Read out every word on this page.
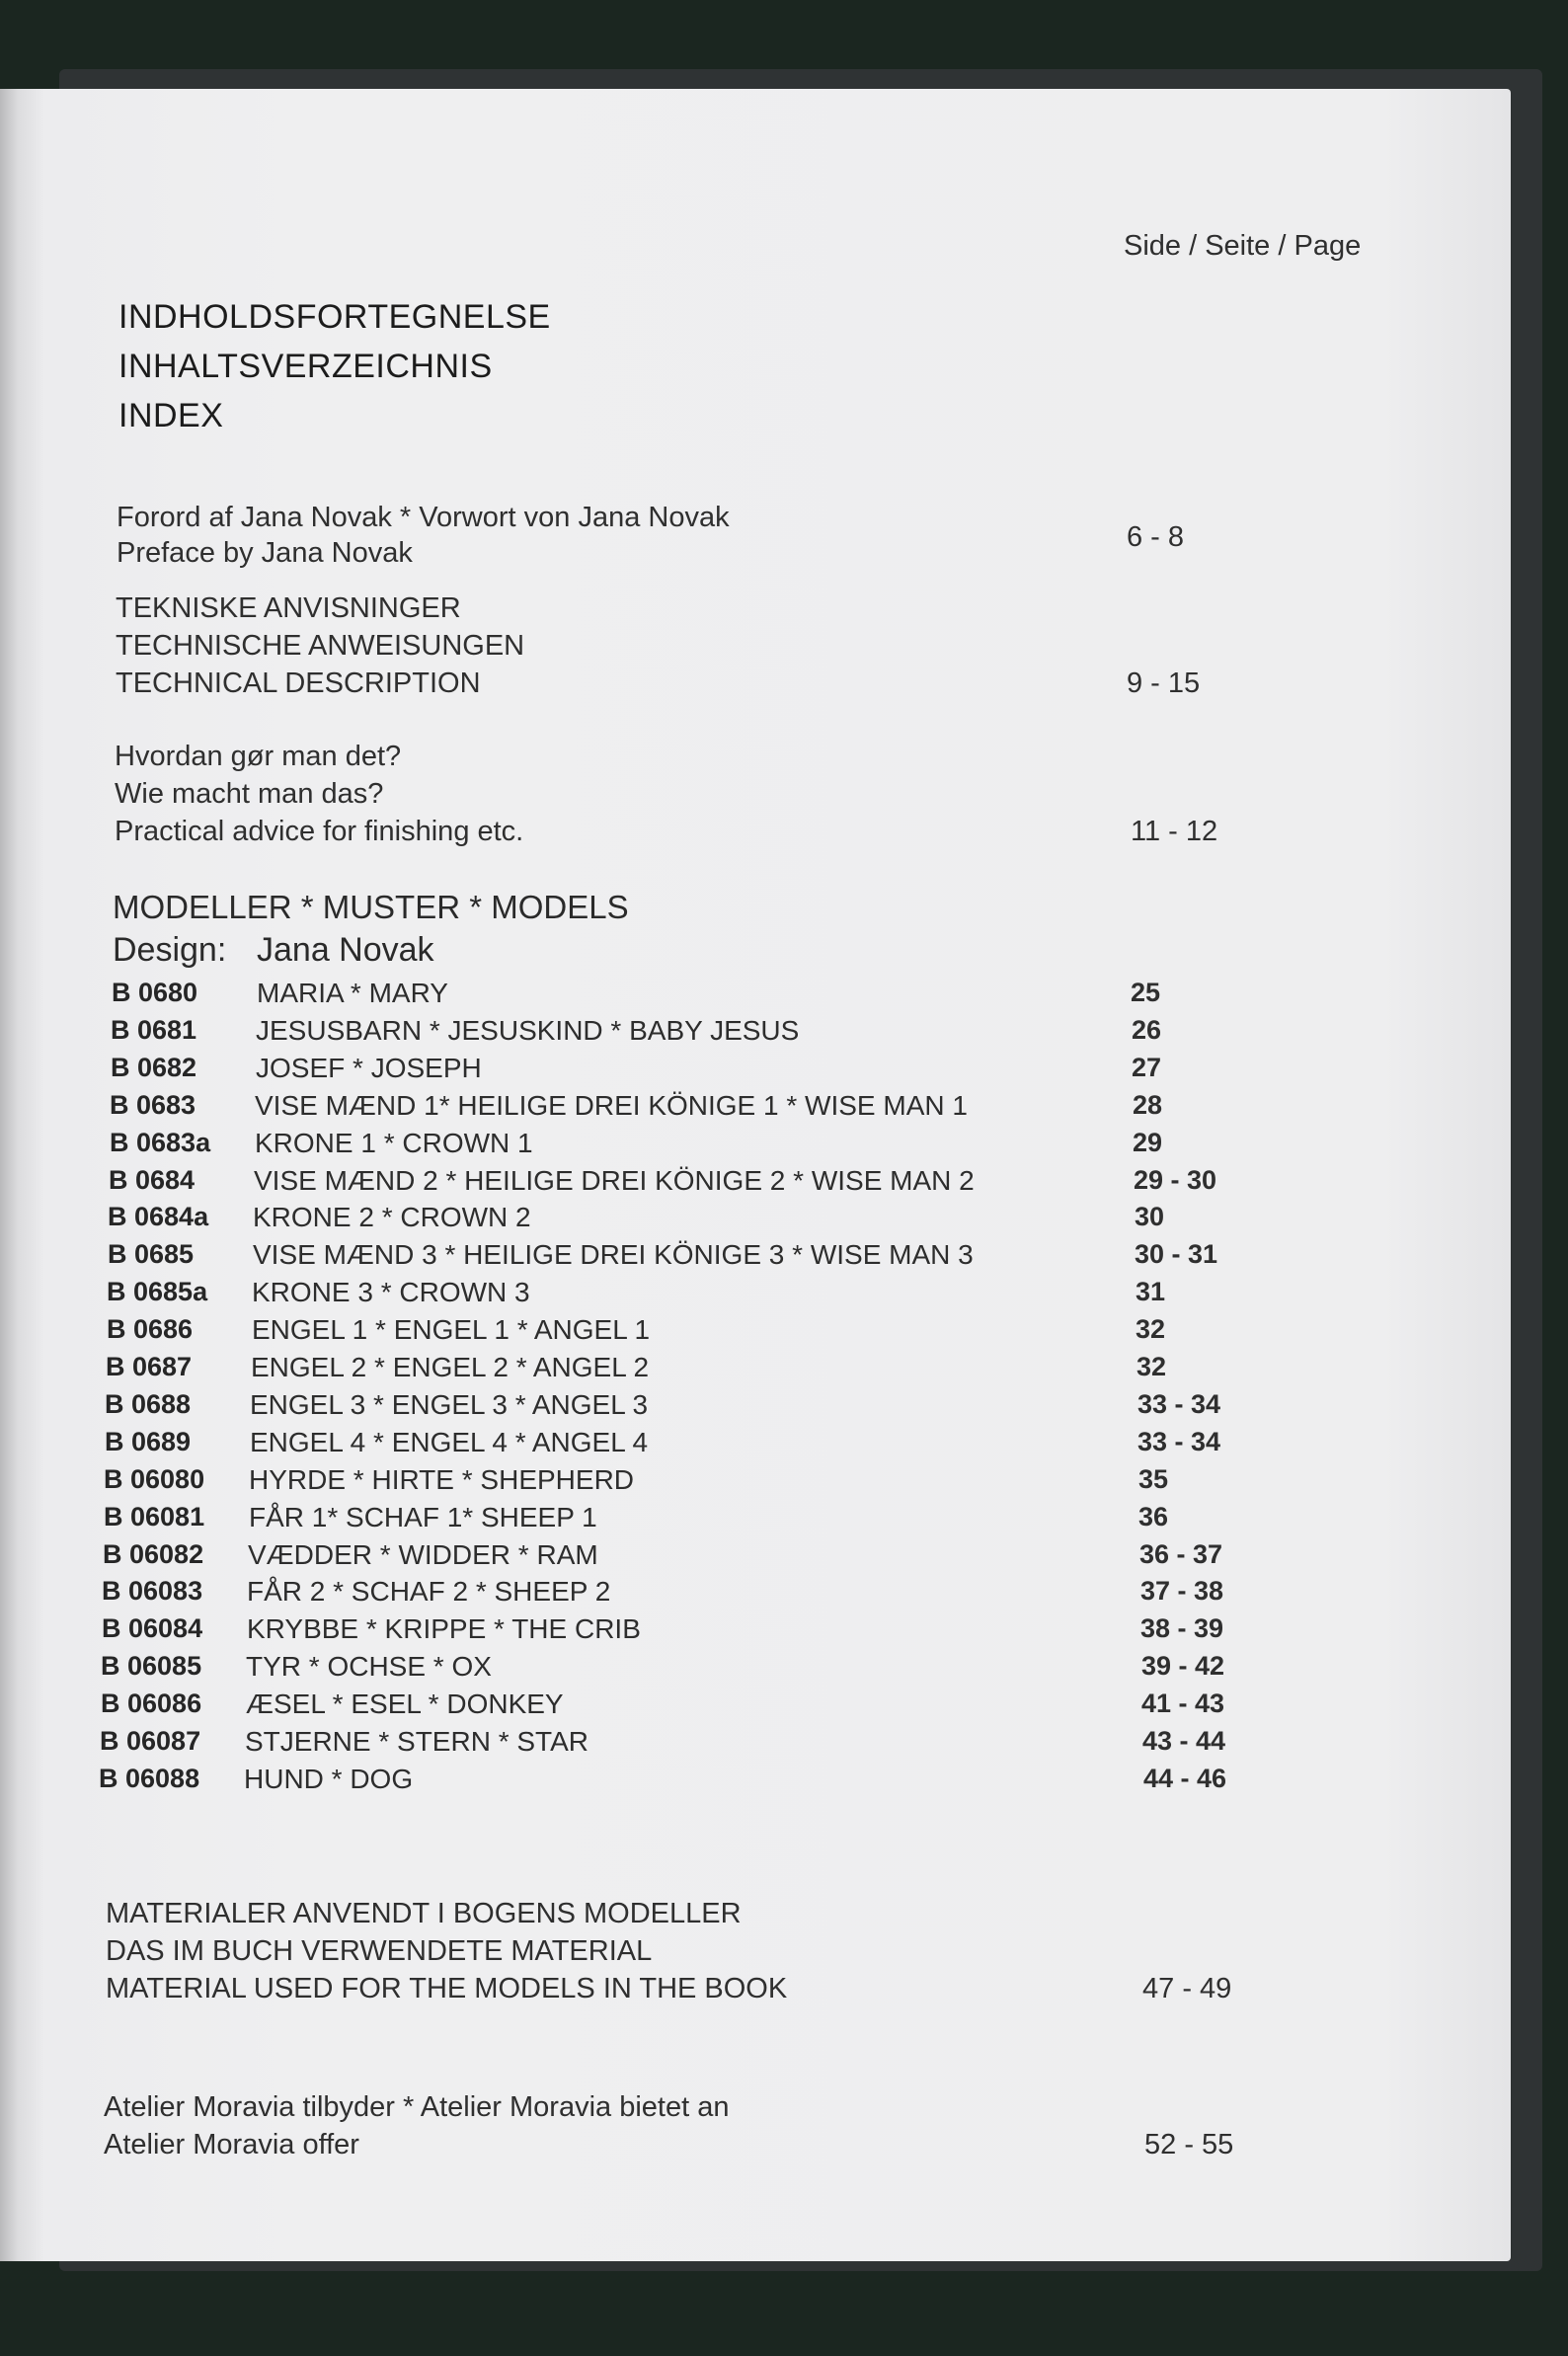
Side / Seite / Page
INDHOLDSFORTEGNELSE
INHALTSVERZEICHNIS
INDEX
Forord af Jana Novak * Vorwort von Jana Novak
Preface by Jana Novak	6 - 8
TEKNISKE ANVISNINGER
TECHNISCHE ANWEISUNGEN
TECHNICAL DESCRIPTION	9 - 15
Hvordan gør man det?
Wie macht man das?
Practical advice for finishing etc.	11 - 12
MODELLER * MUSTER * MODELS
Design: Jana Novak
B 0680 MARIA * MARY	25
B 0681 JESUSBARN * JESUSKIND * BABY JESUS	26
B 0682 JOSEF * JOSEPH	27
B 0683 VISE MÆND 1* HEILIGE DREI KÖNIGE 1 * WISE MAN 1	28
B 0683a KRONE 1 * CROWN 1	29
B 0684 VISE MÆND 2 * HEILIGE DREI KÖNIGE 2 * WISE MAN 2	29 - 30
B 0684a KRONE 2 * CROWN 2	30
B 0685 VISE MÆND 3 * HEILIGE DREI KÖNIGE 3 * WISE MAN 3	30 - 31
B 0685a KRONE 3 * CROWN 3	31
B 0686 ENGEL 1 * ENGEL 1 * ANGEL 1	32
B 0687 ENGEL 2 * ENGEL 2 * ANGEL 2	32
B 0688 ENGEL 3 * ENGEL 3 * ANGEL 3	33 - 34
B 0689 ENGEL 4 * ENGEL 4 * ANGEL 4	33 - 34
B 06080 HYRDE * HIRTE * SHEPHERD	35
B 06081 FÅR 1* SCHAF 1* SHEEP 1	36
B 06082 VÆDDER * WIDDER * RAM	36 - 37
B 06083 FÅR 2 * SCHAF 2 * SHEEP 2	37 - 38
B 06084 KRYBBE * KRIPPE * THE CRIB	38 - 39
B 06085 TYR * OCHSE * OX	39 - 42
B 06086 ÆSEL * ESEL * DONKEY	41 - 43
B 06087 STJERNE * STERN * STAR	43 - 44
B 06088 HUND * DOG	44 - 46
MATERIALER ANVENDT I BOGENS MODELLER
DAS IM BUCH VERWENDETE MATERIAL
MATERIAL USED FOR THE MODELS IN THE BOOK	47 - 49
Atelier Moravia tilbyder * Atelier Moravia bietet an
Atelier Moravia offer	52 - 55
